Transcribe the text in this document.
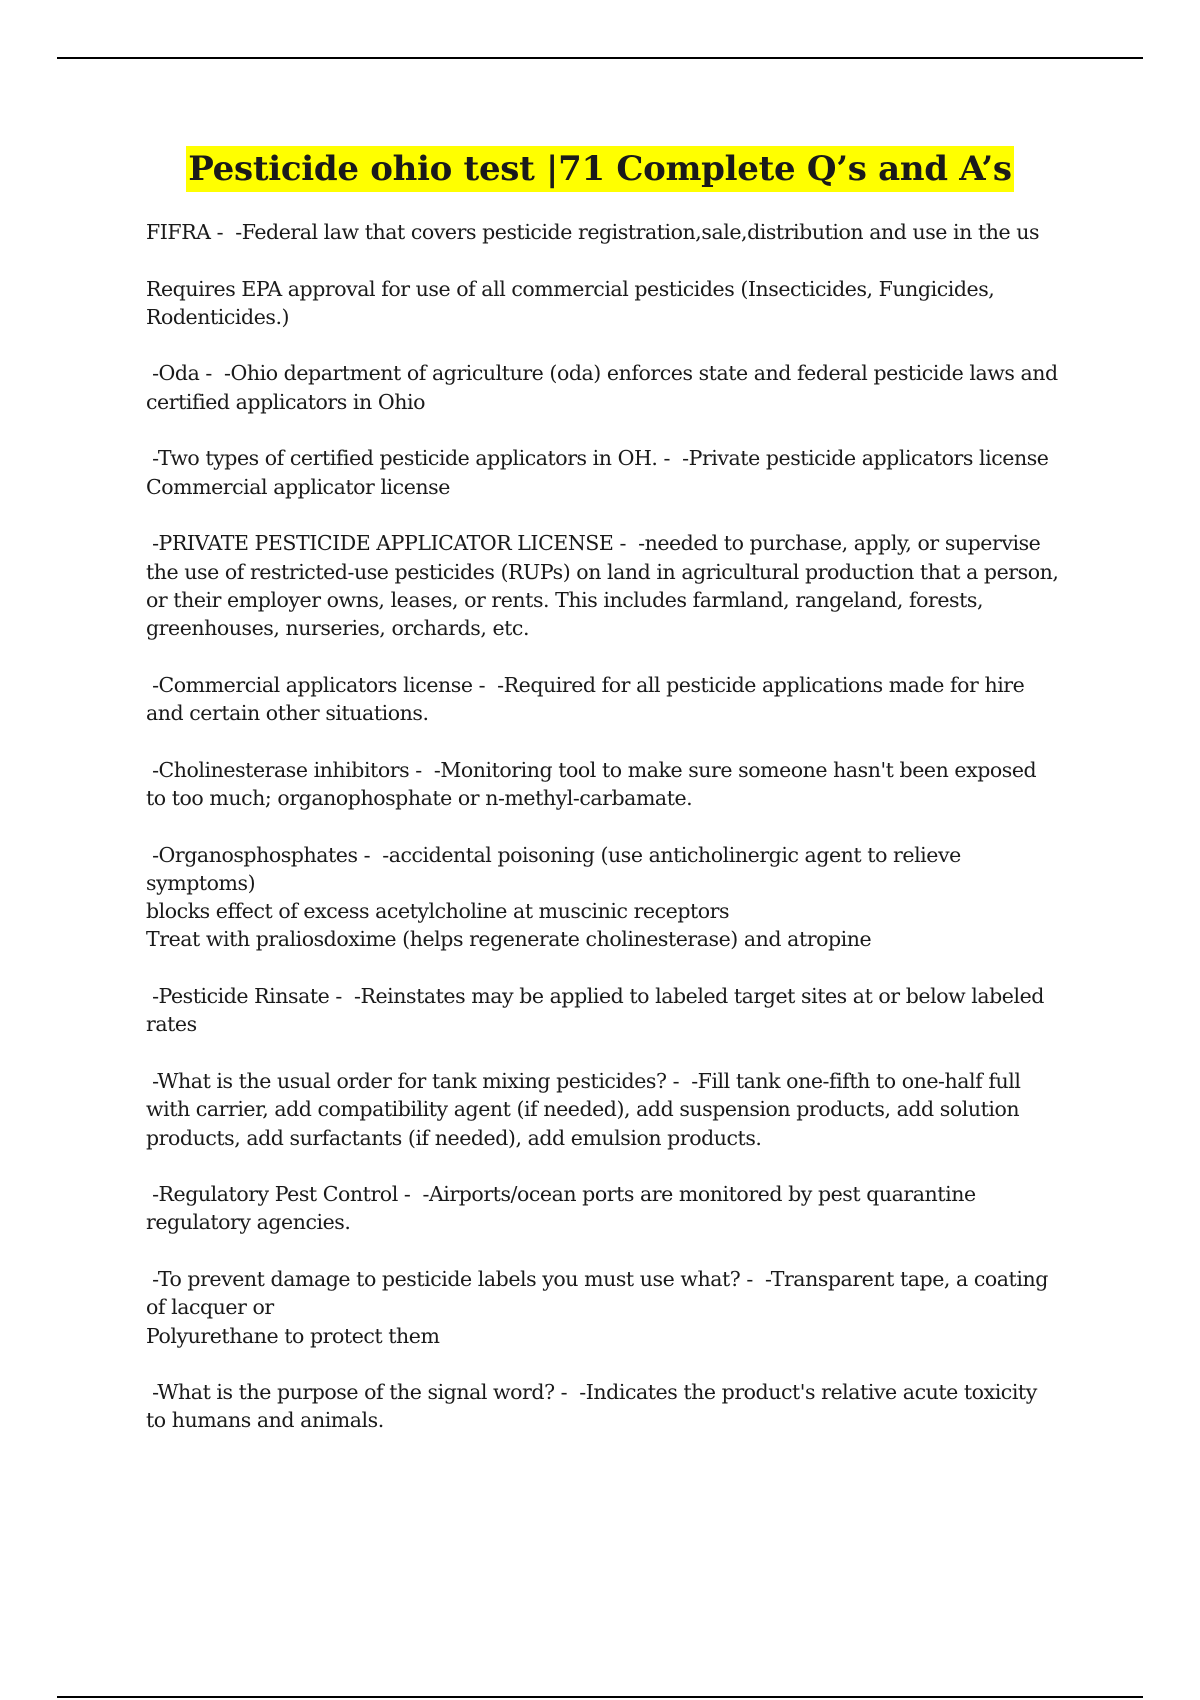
Pesticide ohio test |71 Complete Q’s and A’s

FIFRA -  -Federal law that covers pesticide registration,sale,distribution and use in the us

Requires EPA approval for use of all commercial pesticides (Insecticides, Fungicides,
Rodenticides.)

-Oda -  -Ohio department of agriculture (oda) enforces state and federal pesticide laws and
certified applicators in Ohio

-Two types of certified pesticide applicators in OH. -  -Private pesticide applicators license
Commercial applicator license

-PRIVATE PESTICIDE APPLICATOR LICENSE -  -needed to purchase, apply, or supervise
the use of restricted-use pesticides (RUPs) on land in agricultural production that a person,
or their employer owns, leases, or rents. This includes farmland, rangeland, forests,
greenhouses, nurseries, orchards, etc.

-Commercial applicators license -  -Required for all pesticide applications made for hire
and certain other situations.

-Cholinesterase inhibitors -  -Monitoring tool to make sure someone hasn't been exposed
to too much; organophosphate or n-methyl-carbamate.

-Organosphosphates -  -accidental poisoning (use anticholinergic agent to relieve
symptoms)
blocks effect of excess acetylcholine at muscinic receptors
Treat with praliosdoxime (helps regenerate cholinesterase) and atropine

-Pesticide Rinsate -  -Reinstates may be applied to labeled target sites at or below labeled
rates

-What is the usual order for tank mixing pesticides? -  -Fill tank one-fifth to one-half full
with carrier, add compatibility agent (if needed), add suspension products, add solution
products, add surfactants (if needed), add emulsion products.

-Regulatory Pest Control -  -Airports/ocean ports are monitored by pest quarantine
regulatory agencies.

-To prevent damage to pesticide labels you must use what? -  -Transparent tape, a coating
of lacquer or
Polyurethane to protect them

-What is the purpose of the signal word? -  -Indicates the product's relative acute toxicity
to humans and animals.
